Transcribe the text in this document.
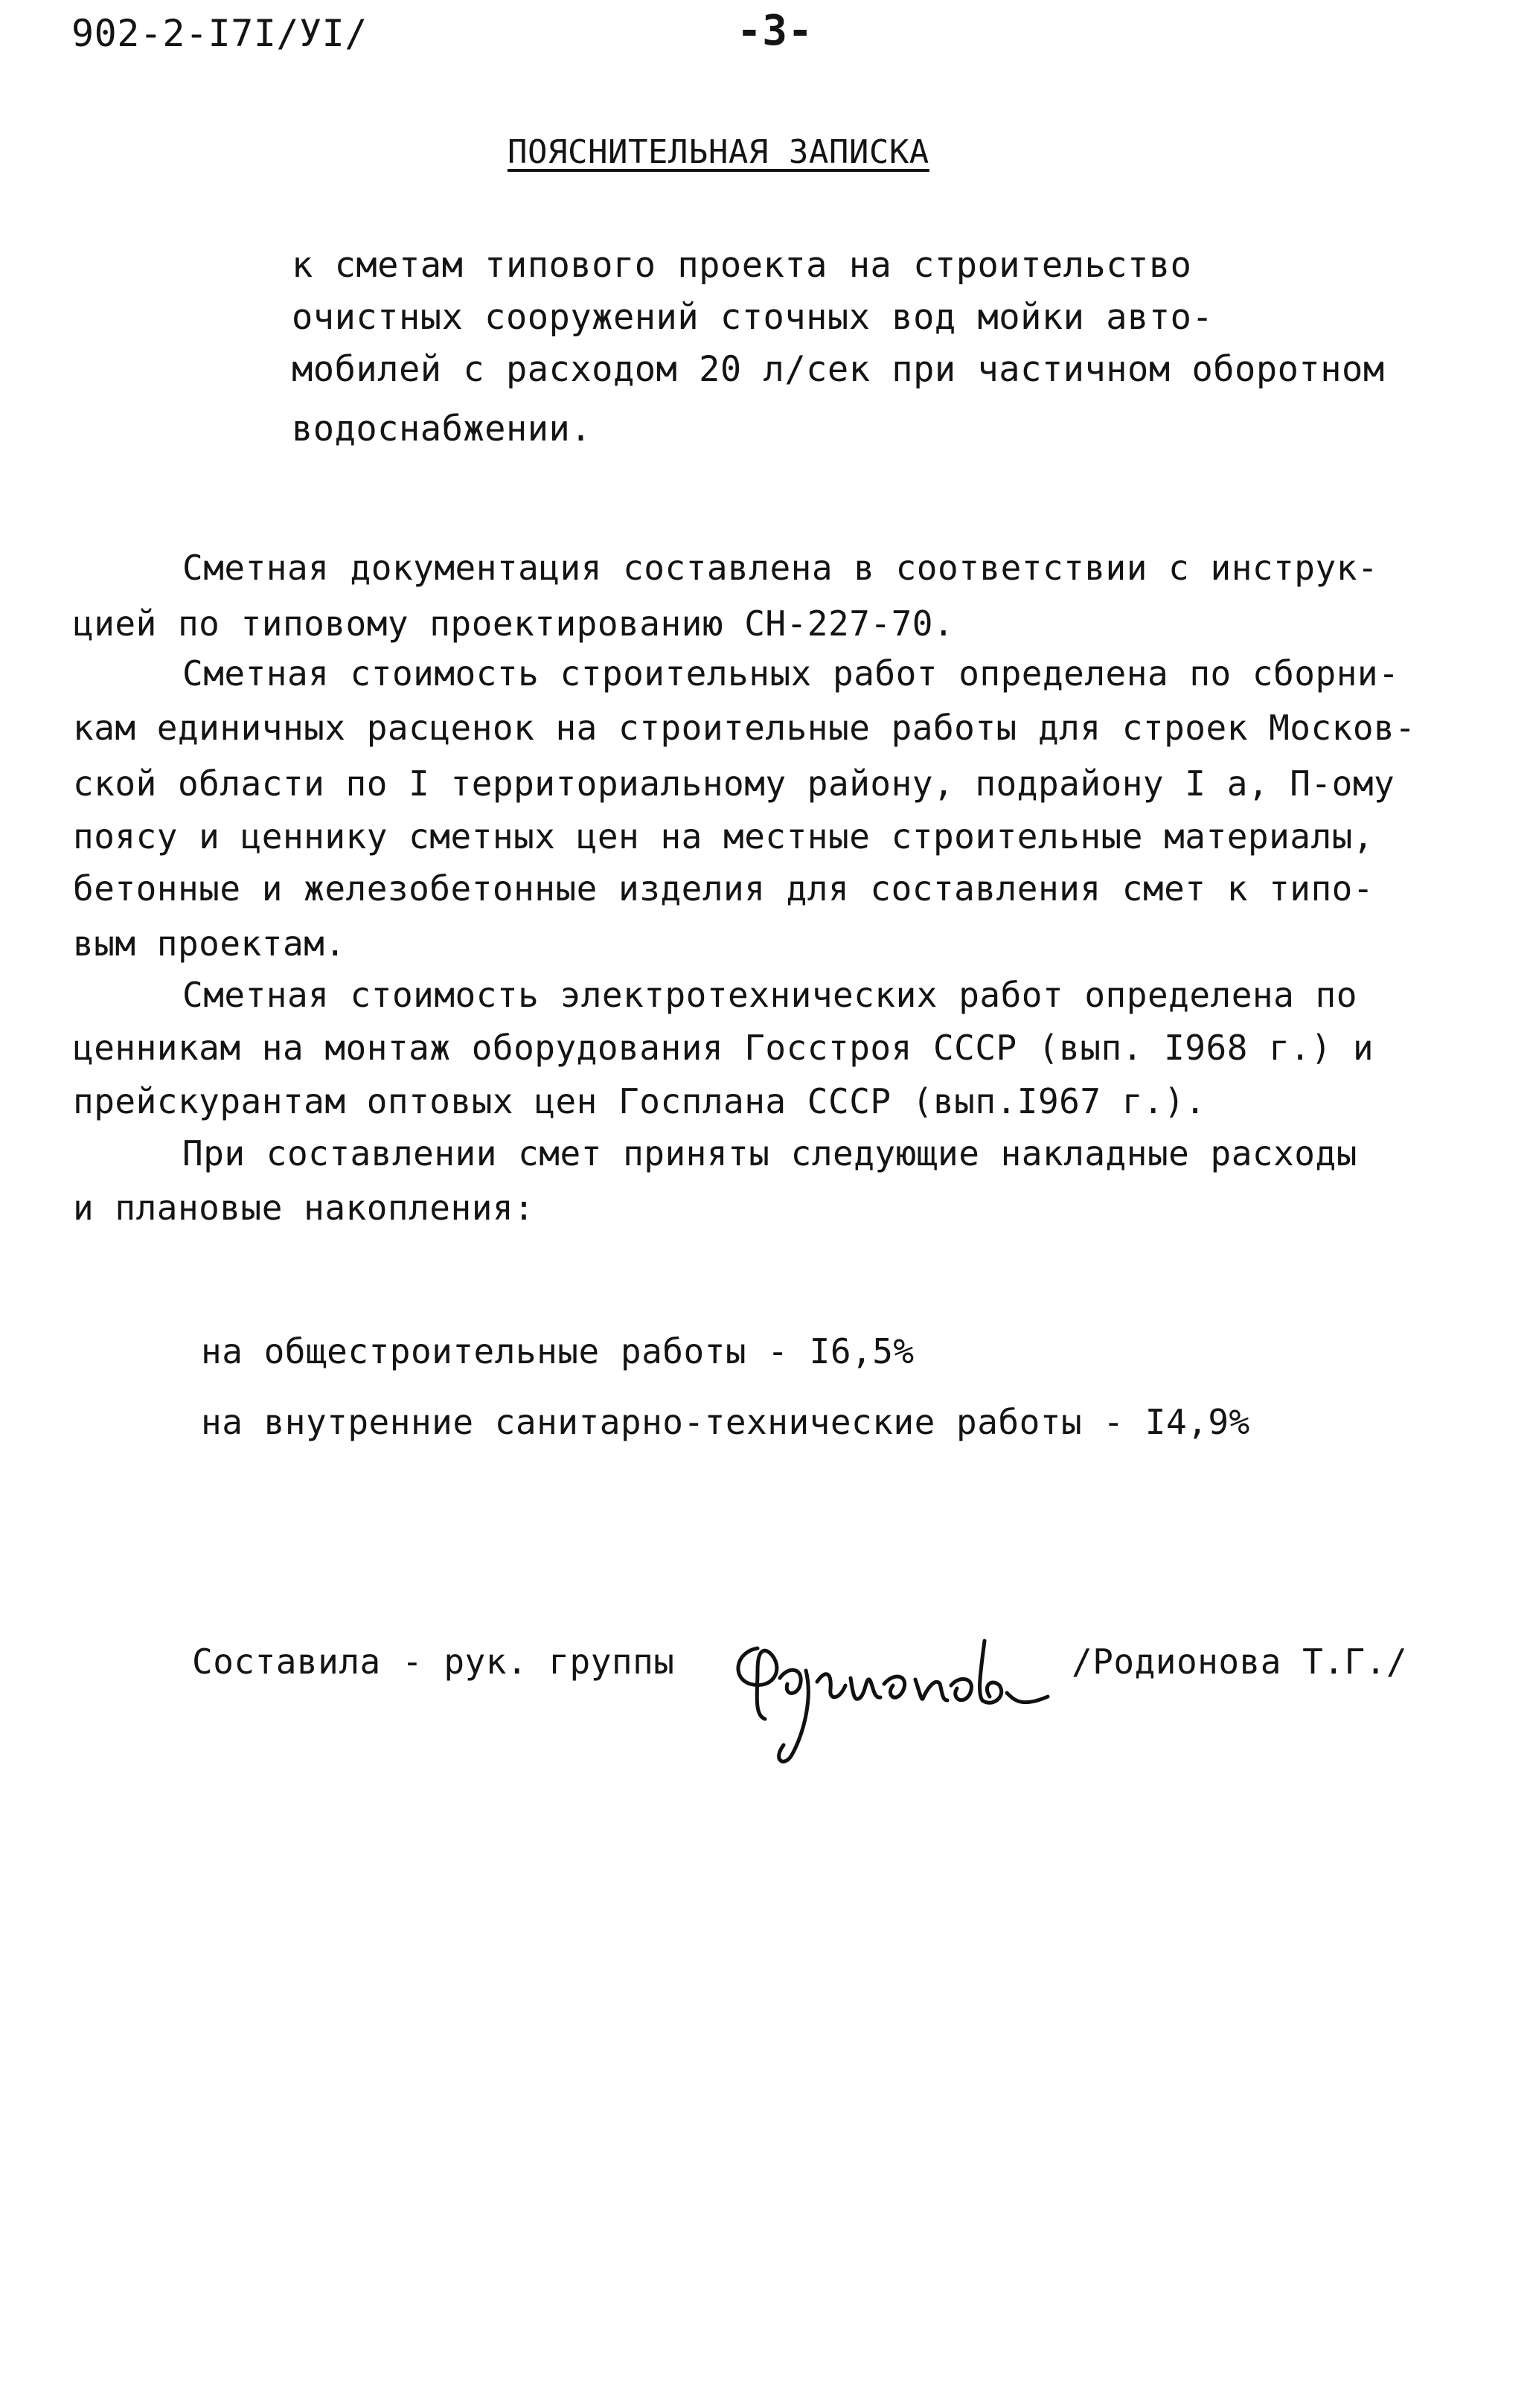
902-2-I7I/УI/	-3-
ПОЯСНИТЕЛЬНАЯ ЗАПИСКА
к сметам типового проекта на строительство
очистных сооружений сточных вод мойки авто-
мобилей с расходом 20 л/сек при частичном оборотном
водоснабжении.
Сметная документация составлена в соответствии с инструк-
цией по типовому проектированию СН-227-70.
Сметная стоимость строительных работ определена по сборни-
кам единичных расценок на строительные работы для строек Москов-
ской области по I территориальному району, подрайону I а, П-ому
поясу и ценнику сметных цен на местные строительные материалы,
бетонные и железобетонные изделия для составления смет к типо-
вым проектам.
Сметная стоимость электротехнических работ определена по
ценникам на монтаж оборудования Госстроя СССР (вып. I968 г.) и
прейскурантам оптовых цен Госплана СССР (вып.I967 г.).
При составлении смет приняты следующие накладные расходы
и плановые накопления:
на общестроительные работы - I6,5%
на внутренние санитарно-технические работы - I4,9%
Составила - рук. группы	/Родионова Т.Г./
